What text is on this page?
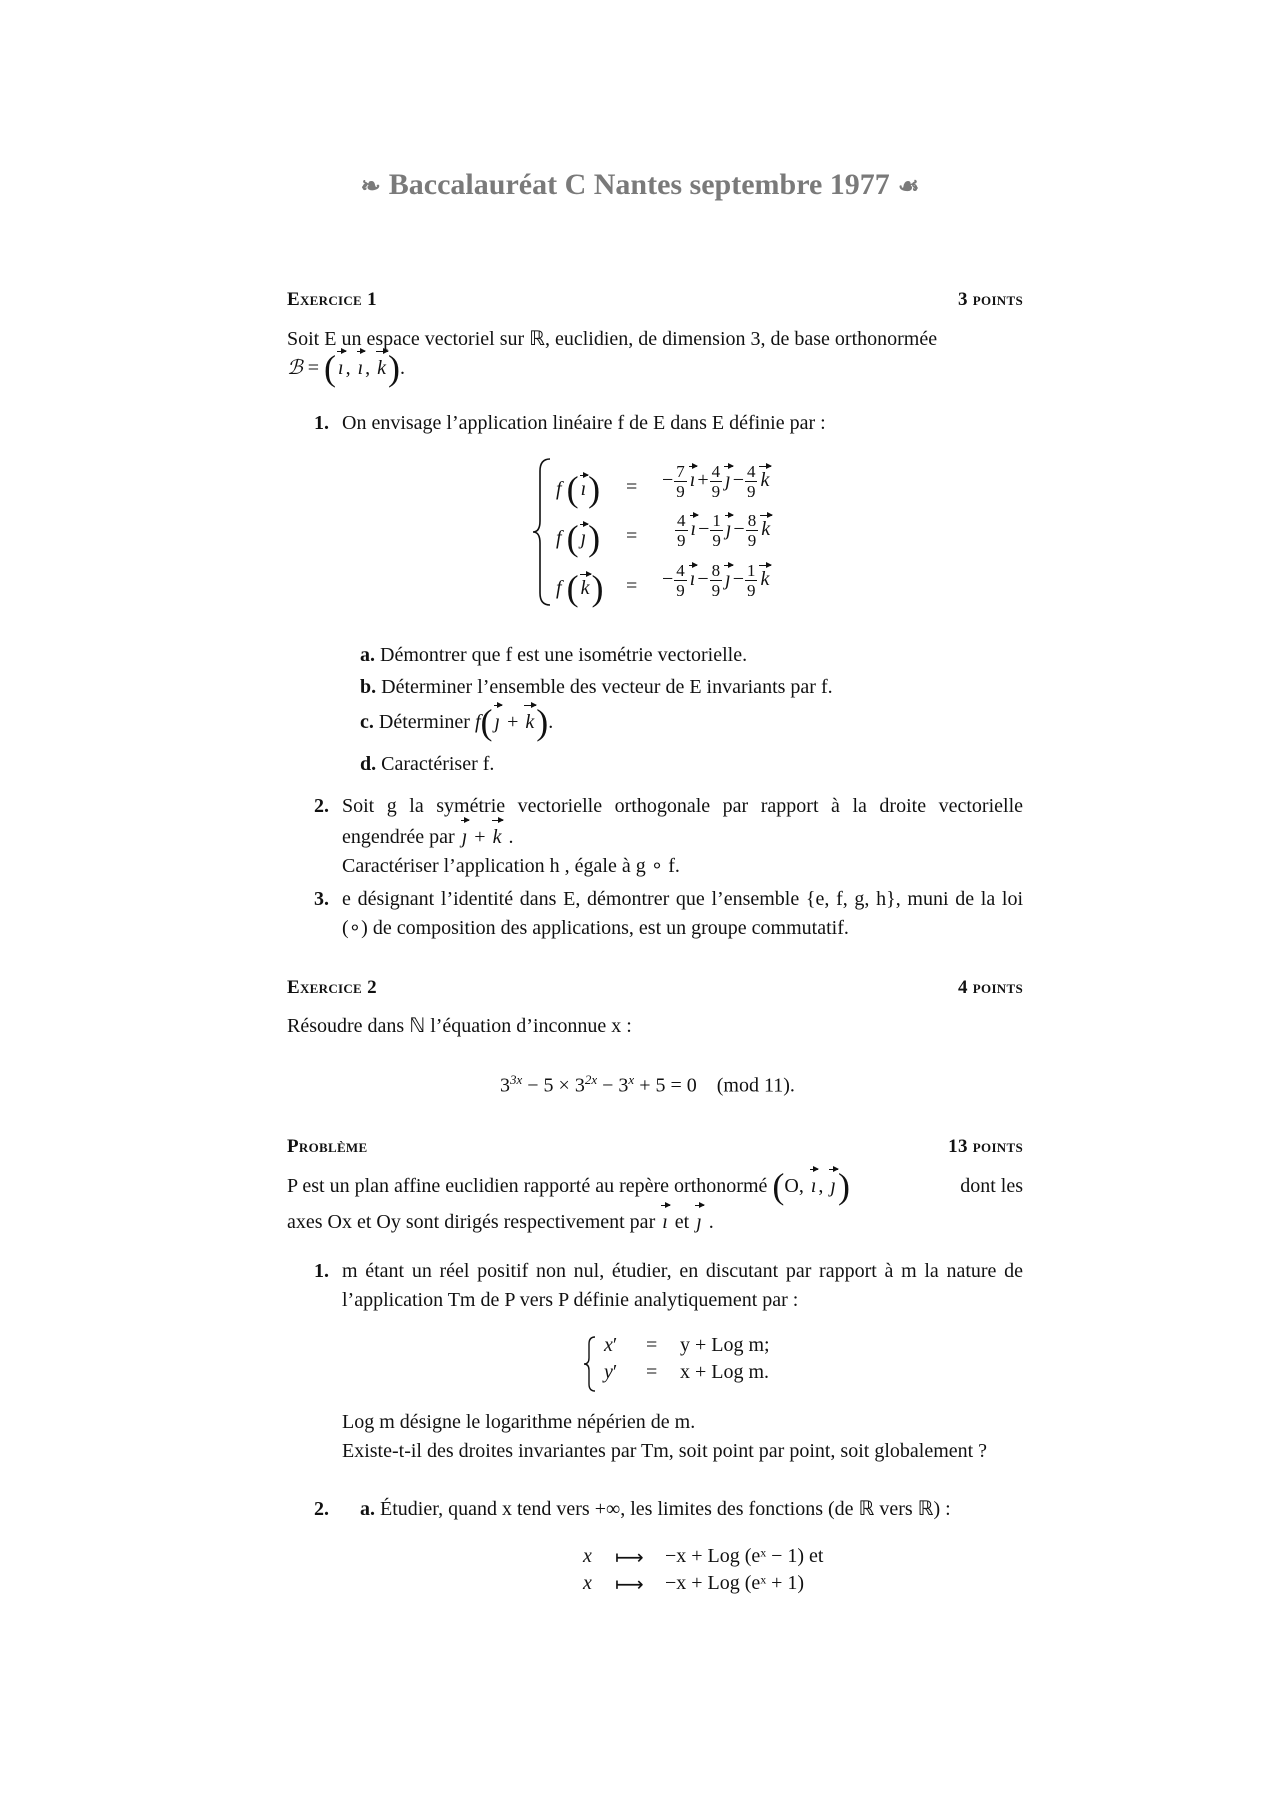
❧ Baccalauréat C Nantes septembre 1977 ☙
Exercice 1	3 points
Soit E un espace vectoriel sur ℝ, euclidien, de dimension 3, de base orthonormée
ℬ = ( ı , ı , k).
1. On envisage l’application linéaire f de E dans E définie par :
f ( ı) = − $\frac{7}{9}$ ı + $\frac{4}{9}$ ȷ − $\frac{4}{9}$ k
f ( ȷ) = $\frac{4}{9}$ ı − $\frac{1}{9}$ ȷ − $\frac{8}{9}$ k
f ( k) = − $\frac{4}{9}$ ı − $\frac{8}{9}$ ȷ − $\frac{1}{9}$ k
a. Démontrer que f est une isométrie vectorielle.
b. Déterminer l’ensemble des vecteur de E invariants par f.
c. Déterminer f( ȷ + k).
d. Caractériser f.
2. Soit g la symétrie vectorielle orthogonale par rapport à la droite vectorielle
engendrée par ȷ + k .
Caractériser l’application h , égale à g ∘ f.
3. e désignant l’identité dans E, démontrer que l’ensemble {e, f, g, h}, muni de la loi (∘) de composition des applications, est un groupe commutatif.
Exercice 2	4 points
Résoudre dans ℕ l’équation d’inconnue x :
$3^{3x} - 5 \times 3^{2x} - 3^x + 5 = 0$    (mod 11).
Problème	13 points
P est un plan affine euclidien rapporté au repère orthonormé (O, ı , ȷ)	dont les
axes Ox et Oy sont dirigés respectivement par ı et ȷ .
1. m étant un réel positif non nul, étudier, en discutant par rapport à m la nature de l’application Tm de P vers P définie analytiquement par :
x′ = y + Log m;
y′ = x + Log m.
Log m désigne le logarithme népérien de m.
Existe-t-il des droites invariantes par Tm, soit point par point, soit globalement ?
2. a. Étudier, quand x tend vers +∞, les limites des fonctions (de ℝ vers ℝ) :
x ⟼ −x + Log (eˣ − 1) et
x ⟼ −x + Log (eˣ + 1)
